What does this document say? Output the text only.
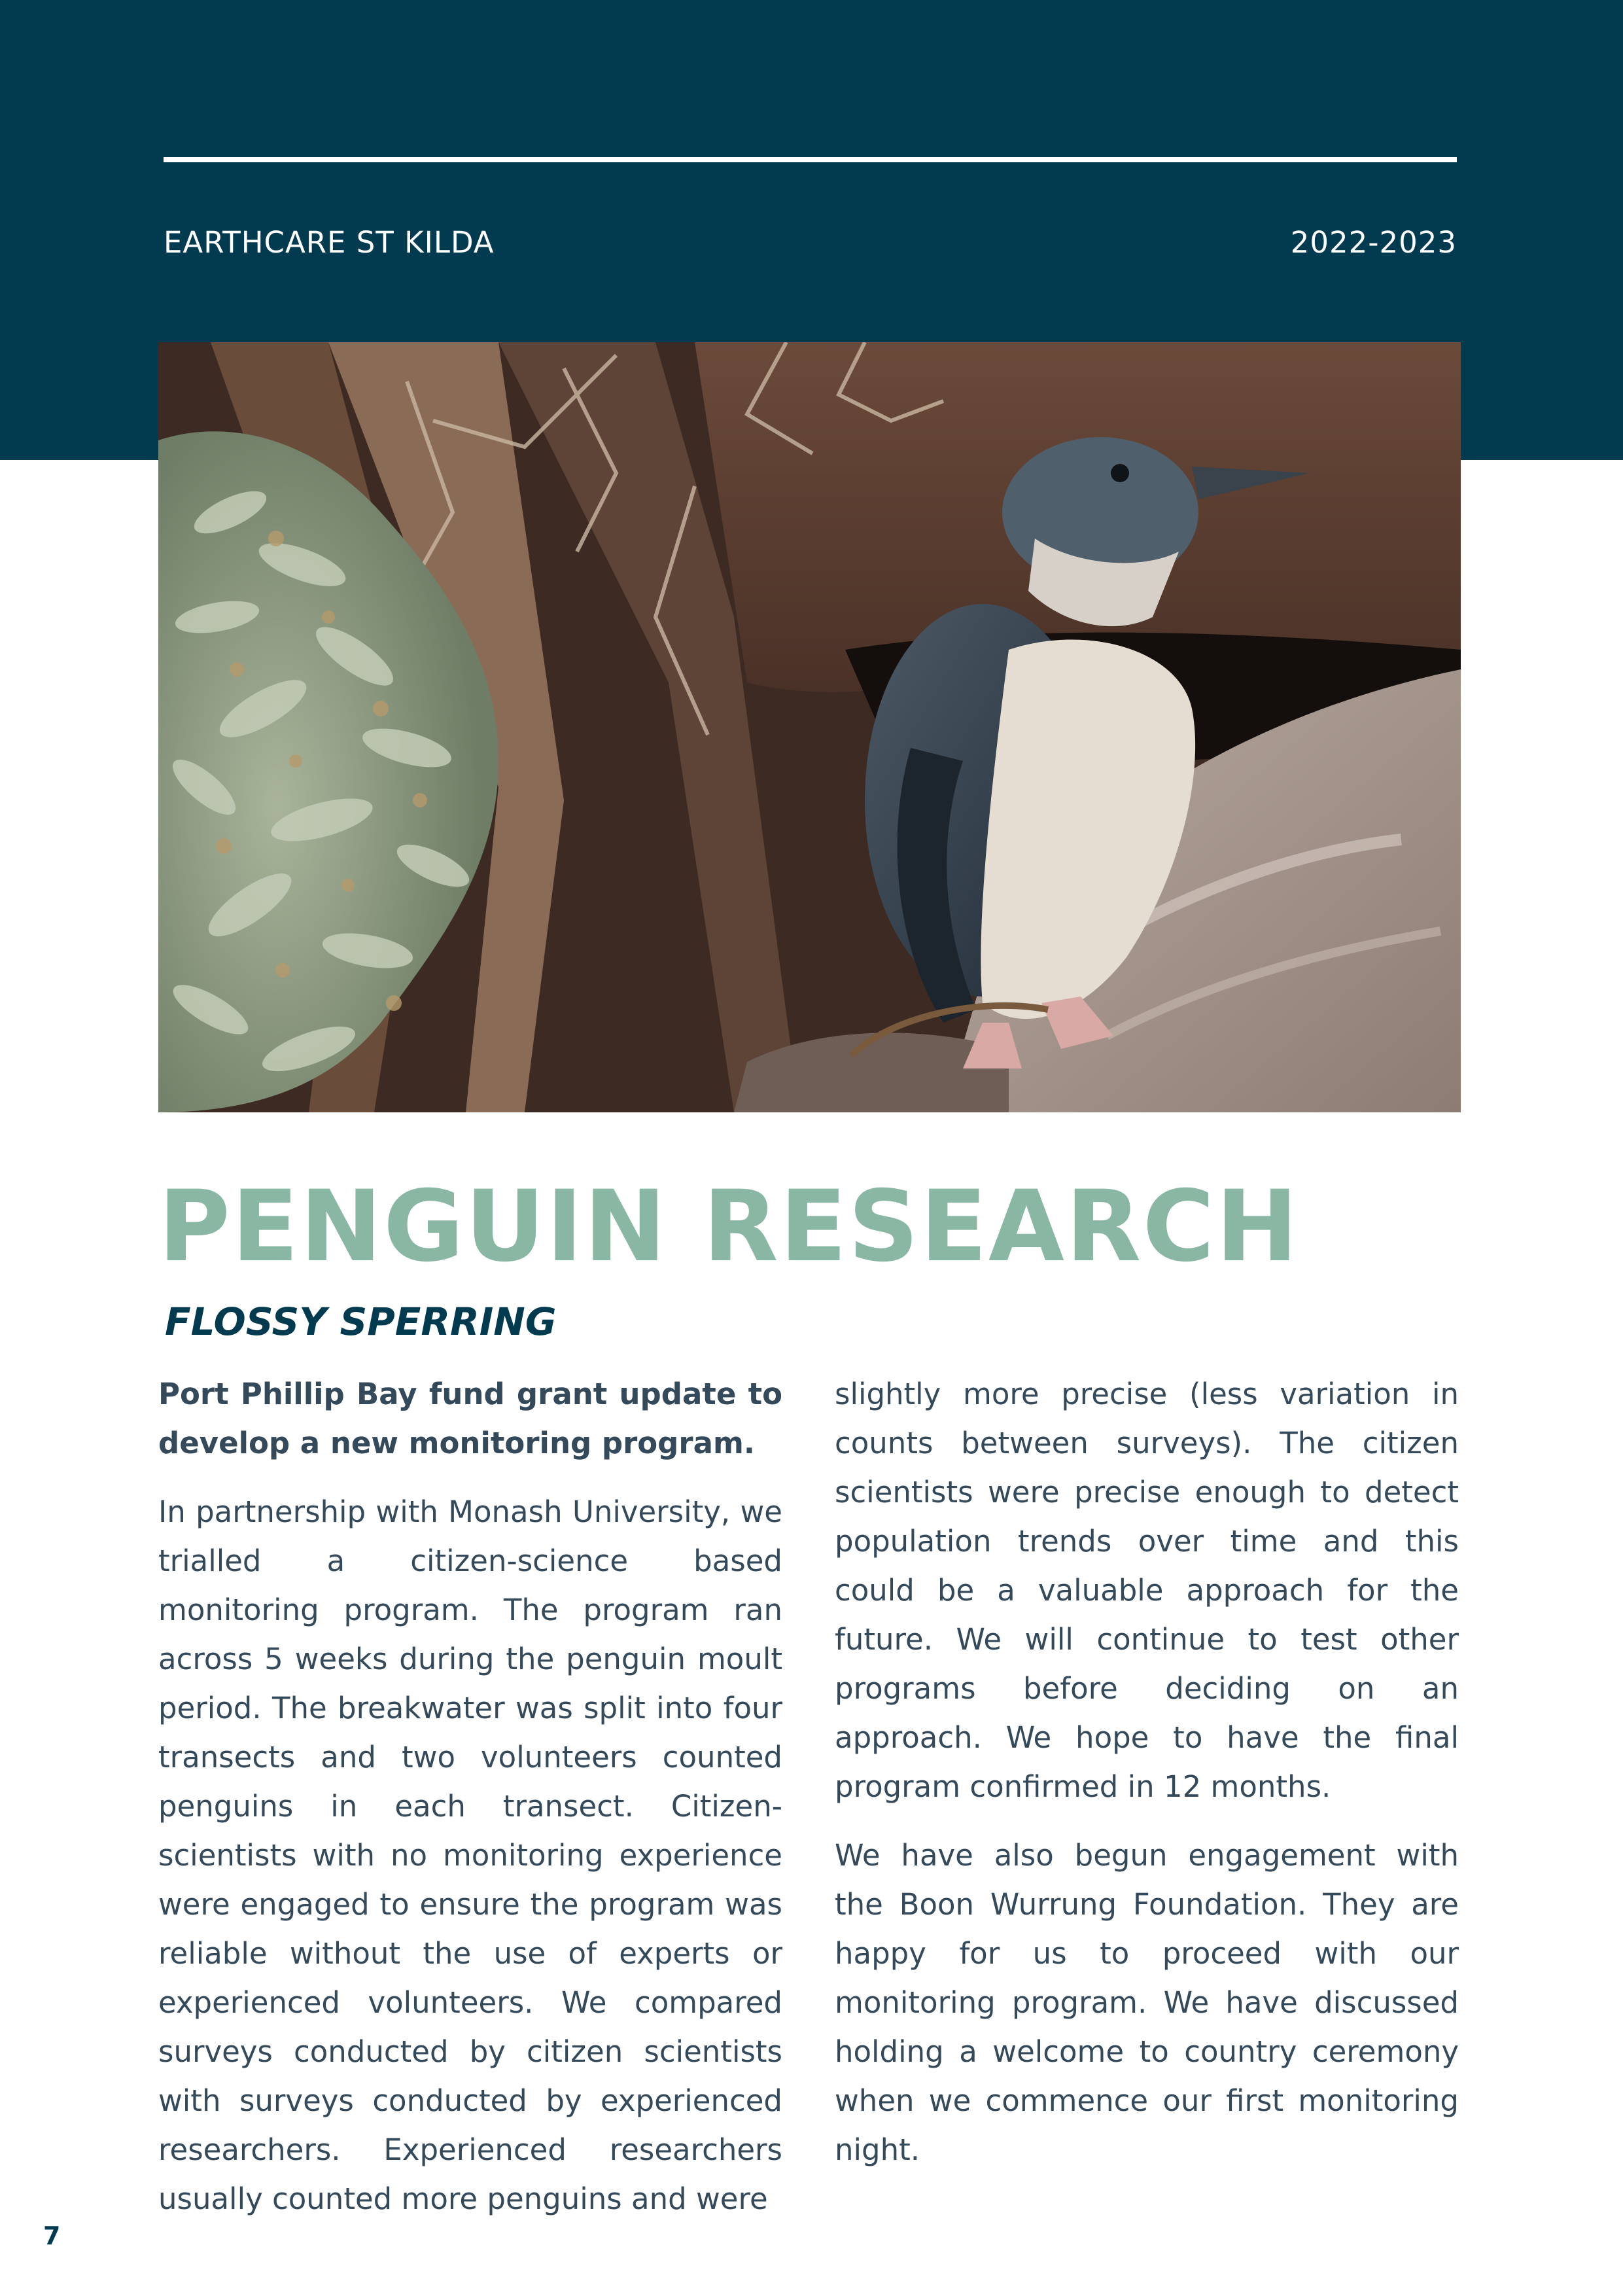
EARTHCARE ST KILDA	2022-2023
PENGUIN RESEARCH
FLOSSY SPERRING

Port Phillip Bay fund grant update to develop a new monitoring program.

In partnership with Monash University, we trialled a citizen-science based monitoring program. The program ran across 5 weeks during the penguin moult period. The breakwater was split into four transects and two volunteers counted penguins in each transect. Citizen-scientists with no monitoring experience were engaged to ensure the program was reliable without the use of experts or experienced volunteers. We compared surveys conducted by citizen scientists with surveys conducted by experienced researchers. Experienced researchers usually counted more penguins and were

slightly more precise (less variation in counts between surveys). The citizen scientists were precise enough to detect population trends over time and this could be a valuable approach for the future. We will continue to test other programs before deciding on an approach. We hope to have the final program confirmed in 12 months.

We have also begun engagement with the Boon Wurrung Foundation. They are happy for us to proceed with our monitoring program. We have discussed holding a welcome to country ceremony when we commence our first monitoring night.

7
